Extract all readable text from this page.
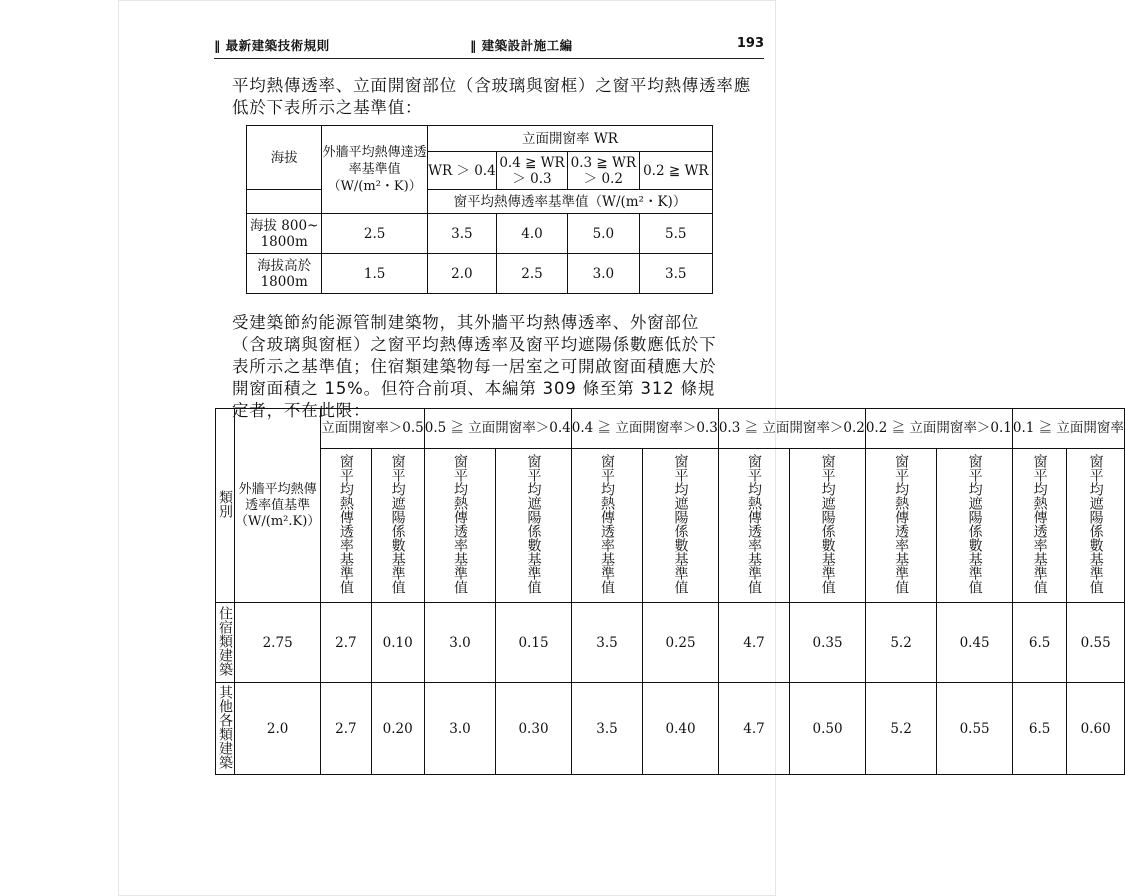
‖ 最新建築技術規則	‖ 建築設計施工編	193
平均熱傳透率、立面開窗部位（含玻璃與窗框）之窗平均熱傳透率應低於下表所示之基準值：
海拔	外牆平均熱傳達透率基準值（W/(m²・K)）	立面開窗率 WR			
		WR ＞ 0.4	0.4 ≧ WR ＞ 0.3	0.3 ≧ WR ＞ 0.2	0.2 ≧ WR
		窗平均熱傳透率基準值（W/(m²・K)）			
海拔 800~ 1800m	2.5	3.5	4.0	5.0	5.5
海拔高於 1800m	1.5	2.0	2.5	3.0	3.5
受建築節約能源管制建築物，其外牆平均熱傳透率、外窗部位（含玻璃與窗框）之窗平均熱傳透率及窗平均遮陽係數應低於下表所示之基準值；住宿類建築物每一居室之可開啟窗面積應大於開窗面積之 15%。但符合前項、本編第 309 條至第 312 條規定者，不在此限：
類別	外牆平均熱傳透率值基準（W/(m².K)）	立面開窗率＞0.5		0.5 ≧ 立面開窗率＞0.4		0.4 ≧ 立面開窗率＞0.3		0.3 ≧ 立面開窗率＞0.2		0.2 ≧ 立面開窗率＞0.1		0.1 ≧ 立面開窗率	
		窗平均熱傳透率基準值	窗平均遮陽係數基準值	窗平均熱傳透率基準值	窗平均遮陽係數基準值	窗平均熱傳透率基準值	窗平均遮陽係數基準值	窗平均熱傳透率基準值	窗平均遮陽係數基準值	窗平均熱傳透率基準值	窗平均遮陽係數基準值	窗平均熱傳透率基準值	窗平均遮陽係數基準值
住宿類建築	2.75	2.7	0.10	3.0	0.15	3.5	0.25	4.7	0.35	5.2	0.45	6.5	0.55
其他各類建築	2.0	2.7	0.20	3.0	0.30	3.5	0.40	4.7	0.50	5.2	0.55	6.5	0.60
